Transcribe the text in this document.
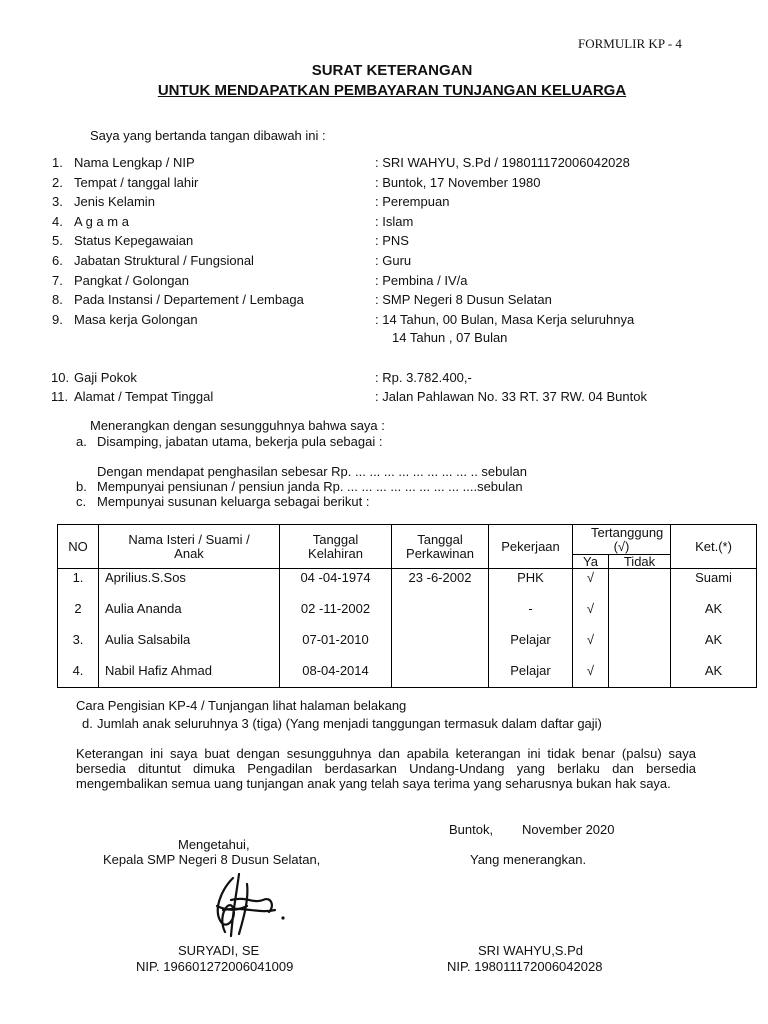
FORMULIR KP - 4
SURAT KETERANGAN
UNTUK MENDAPATKAN PEMBAYARAN TUNJANGAN KELUARGA
Saya yang bertanda tangan dibawah ini :
1. Nama Lengkap / NIP	: SRI WAHYU, S.Pd / 198011172006042028
2. Tempat / tanggal lahir	: Buntok, 17 November 1980
3. Jenis Kelamin	: Perempuan
4. A g a m a	: Islam
5. Status Kepegawaian	: PNS
6. Jabatan Struktural / Fungsional	: Guru
7. Pangkat / Golongan	: Pembina / IV/a
8. Pada Instansi / Departement / Lembaga	: SMP Negeri 8 Dusun Selatan
9. Masa kerja Golongan	: 14 Tahun, 00 Bulan, Masa Kerja seluruhnya
14 Tahun , 07 Bulan
10. Gaji Pokok	: Rp. 3.782.400,-
11. Alamat / Tempat Tinggal	: Jalan Pahlawan No. 33 RT. 37 RW. 04 Buntok
Menerangkan dengan sesungguhnya bahwa saya :
a. Disamping, jabatan utama, bekerja pula sebagai :
Dengan mendapat penghasilan sebesar Rp. ... ... ... ... ... ... ... ... .. sebulan
b. Mempunyai pensiunan / pensiun janda Rp. ... ... ... ... ... ... ... ... ....sebulan
c. Mempunyai susunan keluarga sebagai berikut :
NO	Nama Isteri / Suami / Anak	Tanggal Kelahiran	Tanggal Perkawinan	Pekerjaan	Tertanggung (√)		Ket.(*)
					Ya	Tidak	
1.	Aprilius.S.Sos	04 -04-1974	23 -6-2002	PHK	√		Suami
2	Aulia Ananda	02 -11-2002		-	√		AK
3.	Aulia Salsabila	07-01-2010		Pelajar	√		AK
4.	Nabil Hafiz Ahmad	08-04-2014		Pelajar	√		AK
Cara Pengisian KP-4 / Tunjangan lihat halaman belakang
d. Jumlah anak seluruhnya 3 (tiga) (Yang menjadi tanggungan termasuk dalam daftar gaji)
Keterangan ini saya buat dengan sesungguhnya dan apabila keterangan ini tidak benar (palsu) saya bersedia dituntut dimuka Pengadilan berdasarkan Undang-Undang yang berlaku dan bersedia mengembalikan semua uang tunjangan anak yang telah saya terima yang seharusnya bukan hak saya.
Buntok, November 2020
Mengetahui,
Kepala SMP Negeri 8 Dusun Selatan,	Yang menerangkan.
SURYADI, SE
NIP. 196601272006041009
SRI WAHYU,S.Pd
NIP. 198011172006042028
